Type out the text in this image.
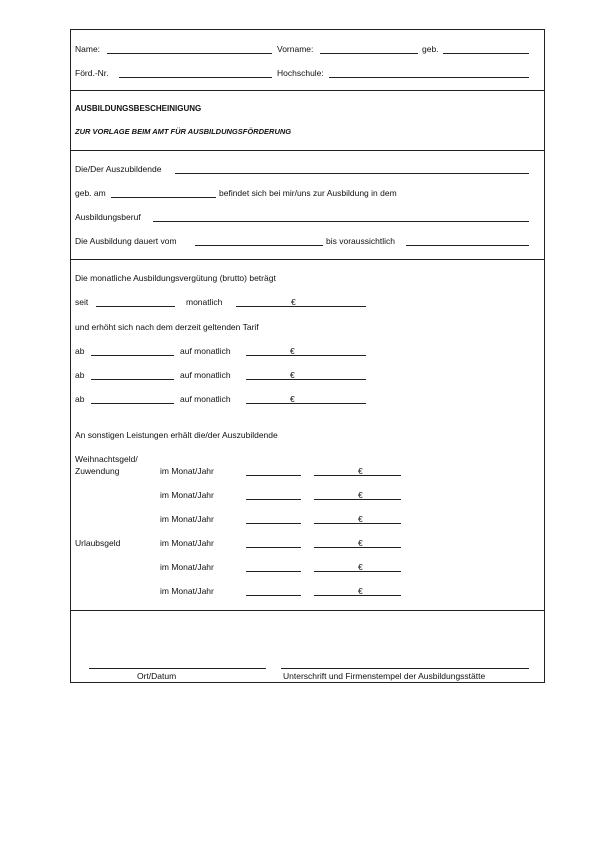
Name:	Vorname:	geb.
Förd.-Nr.	Hochschule:
AUSBILDUNGSBESCHEINIGUNG
ZUR VORLAGE BEIM AMT FÜR AUSBILDUNGSFÖRDERUNG
Die/Der Auszubildende
geb. am	befindet sich bei mir/uns zur Ausbildung in dem
Ausbildungsberuf
Die Ausbildung dauert vom	bis voraussichtlich
Die monatliche Ausbildungsvergütung (brutto) beträgt
seit	monatlich	€
und erhöht sich nach dem derzeit geltenden Tarif
ab	auf monatlich	€
ab	auf monatlich	€
ab	auf monatlich	€
An sonstigen Leistungen erhält die/der Auszubildende
Weihnachtsgeld/
Zuwendung	im Monat/Jahr	€
im Monat/Jahr	€
im Monat/Jahr	€
Urlaubsgeld	im Monat/Jahr	€
im Monat/Jahr	€
im Monat/Jahr	€
Ort/Datum	Unterschrift und Firmenstempel der Ausbildungsstätte
